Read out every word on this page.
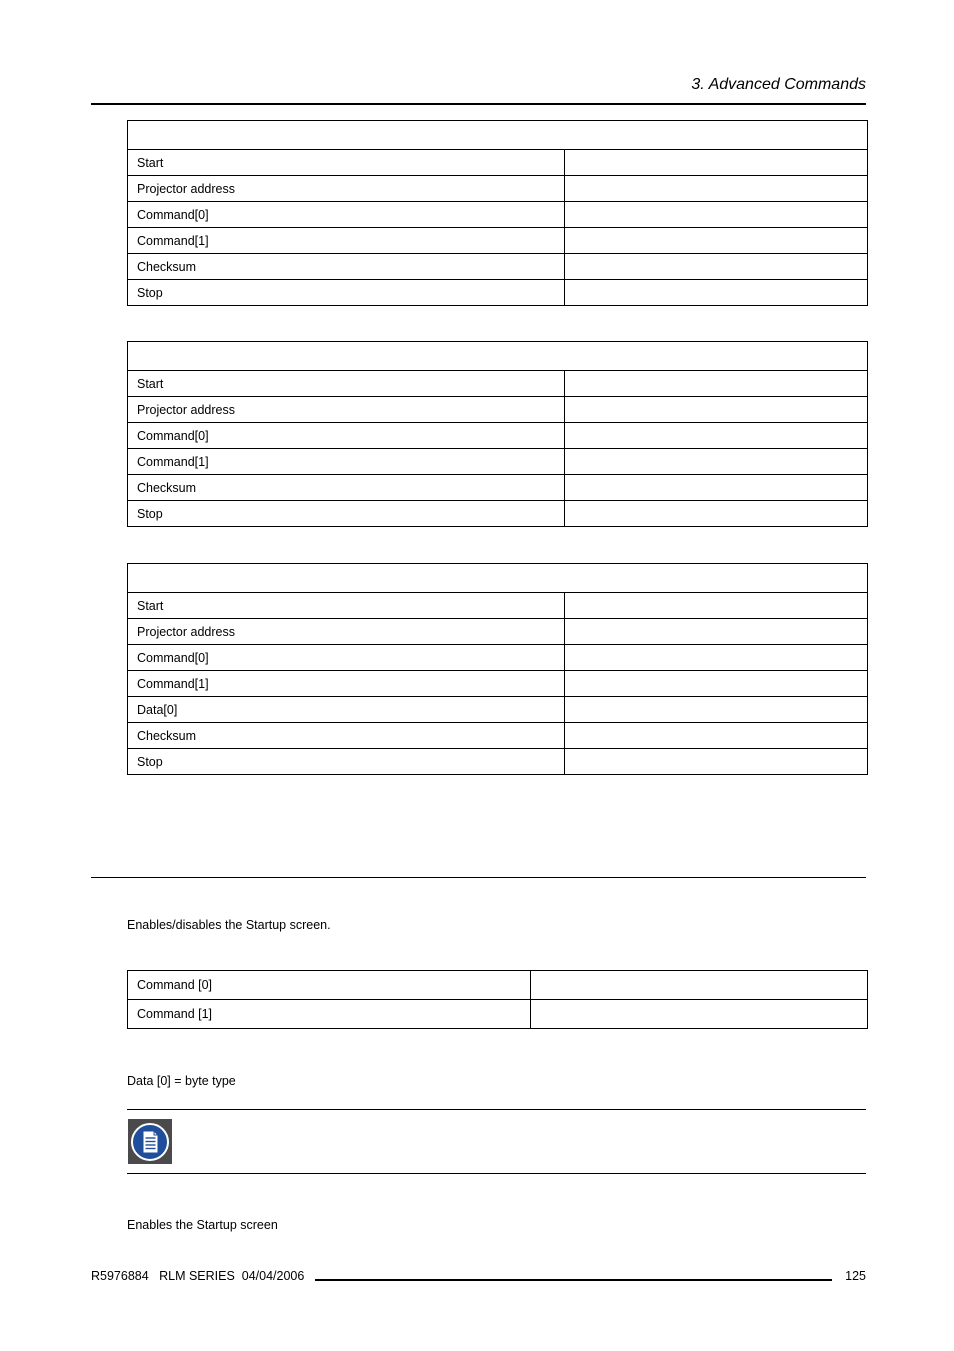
3. Advanced Commands

Start	
Projector address	
Command[0]	
Command[1]	
Checksum	
Stop	

Start	
Projector address	
Command[0]	
Command[1]	
Checksum	
Stop	

Start	
Projector address	
Command[0]	
Command[1]	
Data[0]	
Checksum	
Stop	
Enables/disables the Startup screen.
Command [0]	
Command [1]	
Data [0] = byte type
Enables the Startup screen
R5976884   RLM SERIES  04/04/2006	125
